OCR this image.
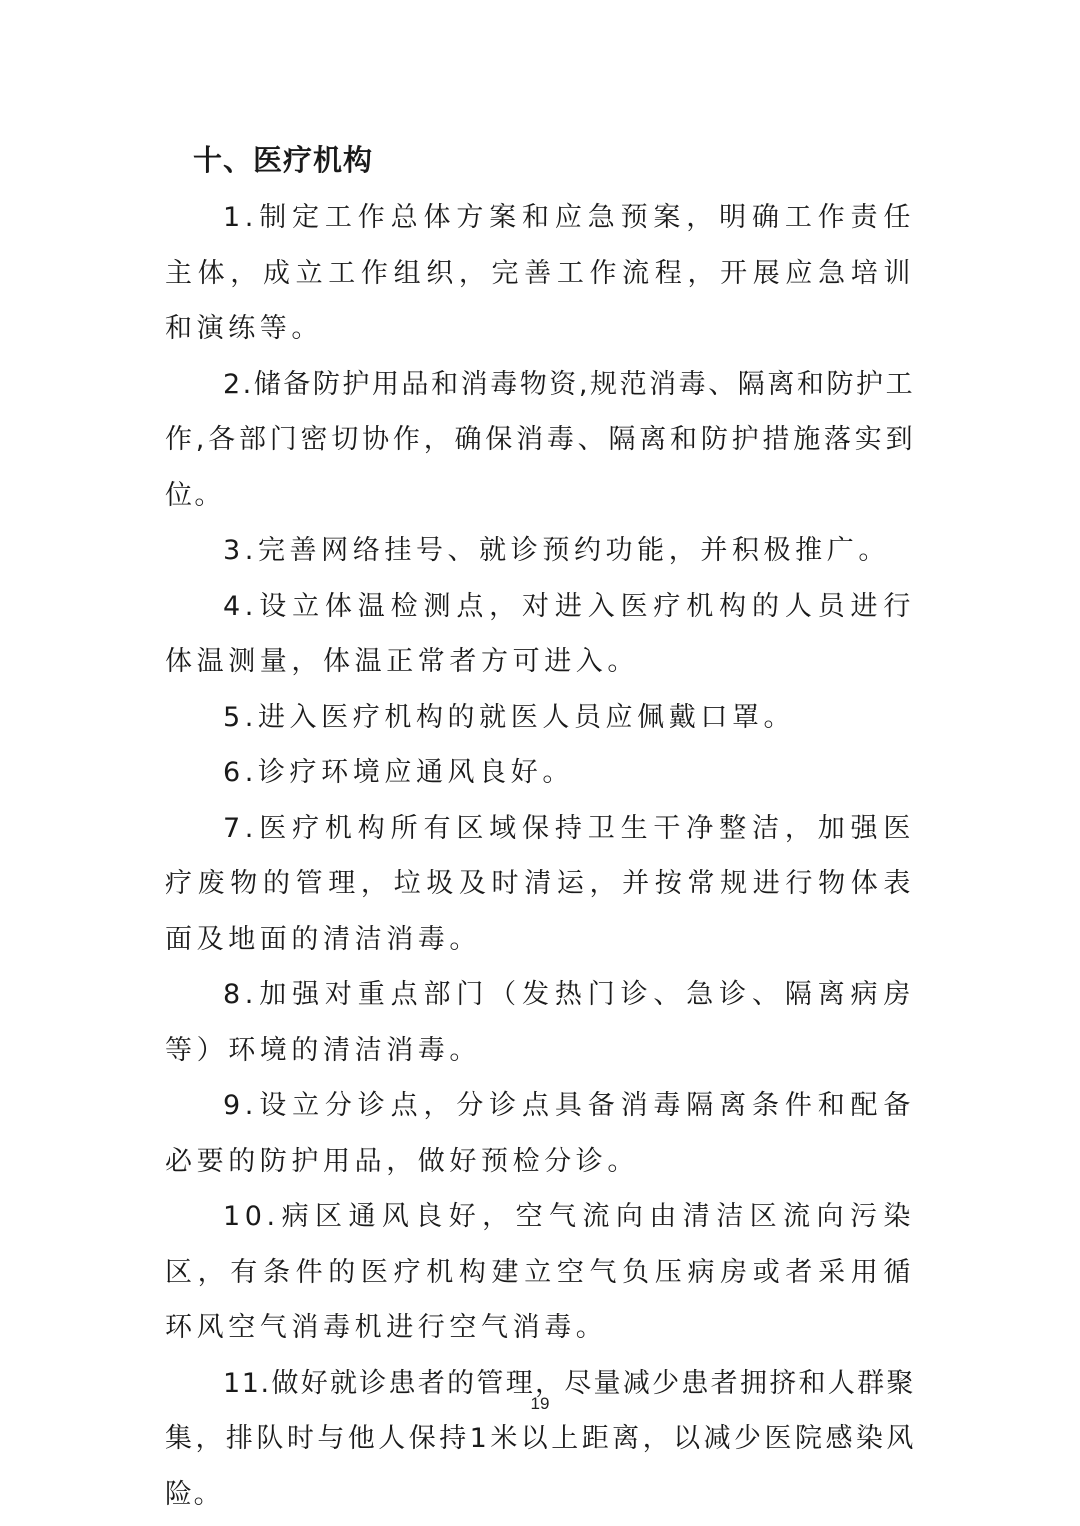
十、医疗机构

1.制定工作总体方案和应急预案，明确工作责任主体，成立工作组织，完善工作流程，开展应急培训和演练等。

2.储备防护用品和消毒物资,规范消毒、隔离和防护工作,各部门密切协作，确保消毒、隔离和防护措施落实到位。

3.完善网络挂号、就诊预约功能，并积极推广。

4.设立体温检测点，对进入医疗机构的人员进行体温测量，体温正常者方可进入。

5.进入医疗机构的就医人员应佩戴口罩。

6.诊疗环境应通风良好。

7.医疗机构所有区域保持卫生干净整洁，加强医疗废物的管理，垃圾及时清运，并按常规进行物体表面及地面的清洁消毒。

8.加强对重点部门（发热门诊、急诊、隔离病房等）环境的清洁消毒。

9.设立分诊点，分诊点具备消毒隔离条件和配备必要的防护用品，做好预检分诊。

10.病区通风良好，空气流向由清洁区流向污染区，有条件的医疗机构建立空气负压病房或者采用循环风空气消毒机进行空气消毒。

11.做好就诊患者的管理，尽量减少患者拥挤和人群聚集，排队时与他人保持1米以上距离，以减少医院感染风险。

19
